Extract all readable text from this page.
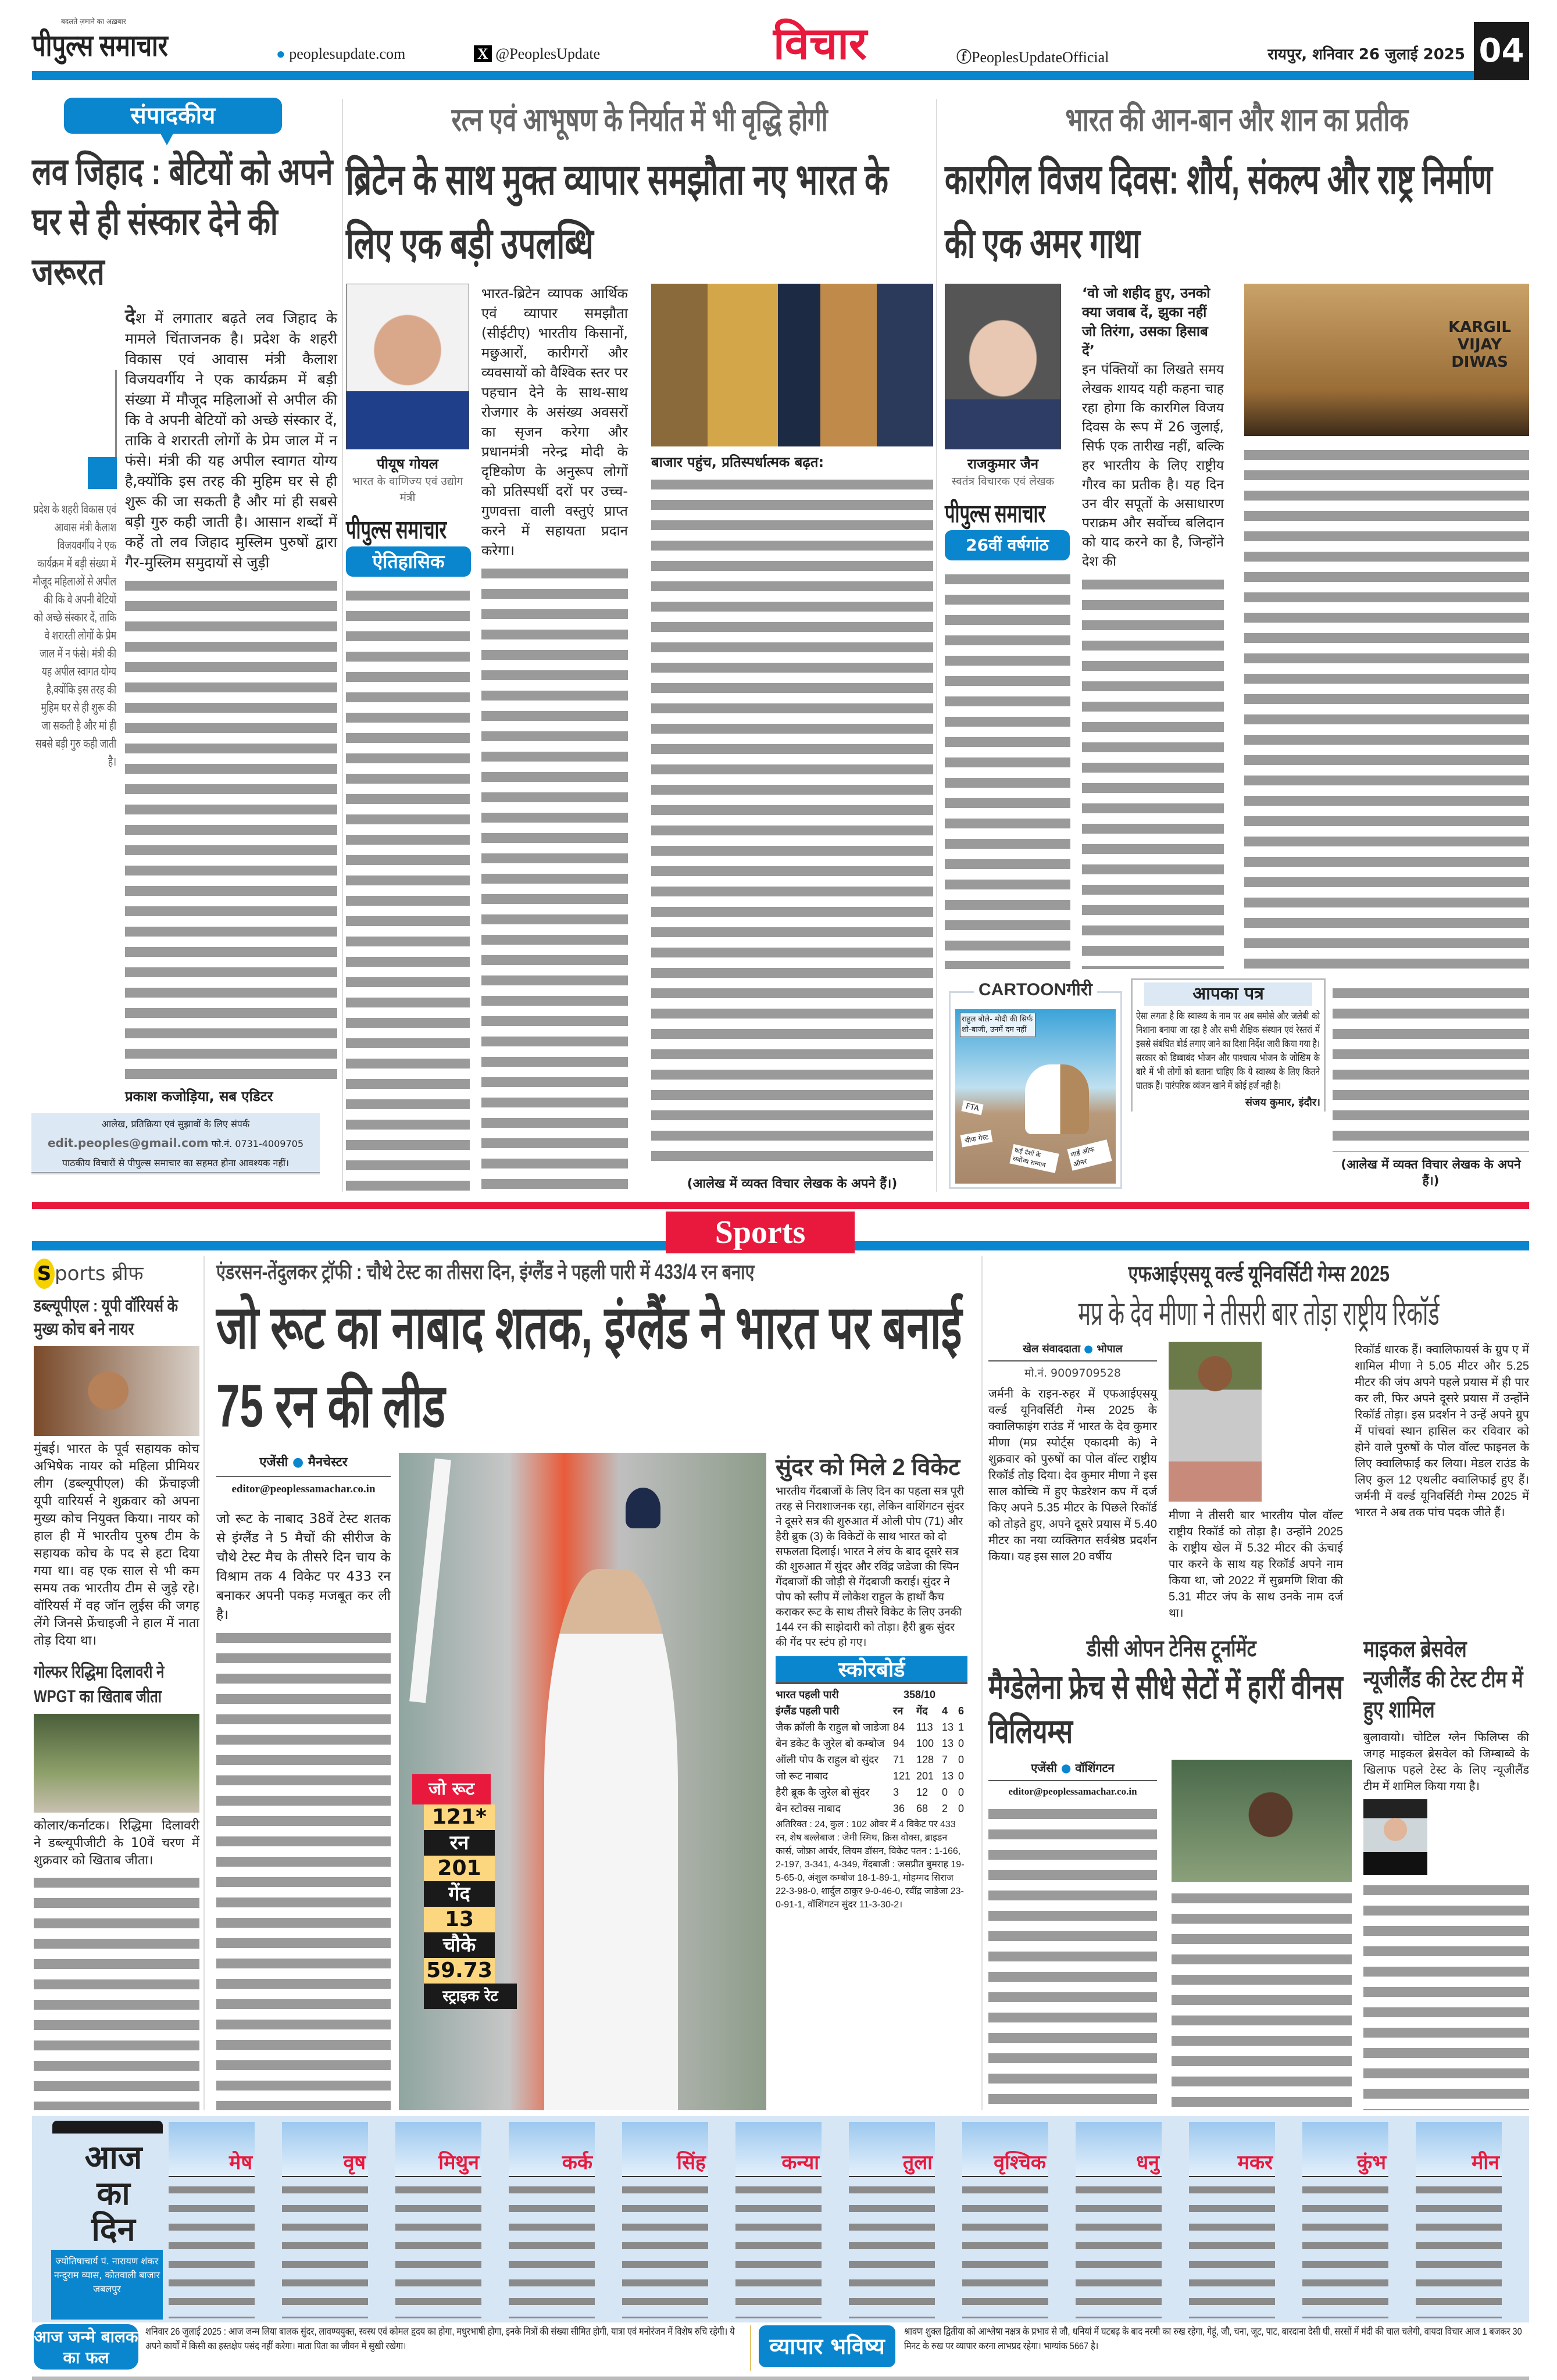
बदलते ज़माने का अख़बार
पीपुल्स समाचार	● peoplesupdate.com	X @PeoplesUpdate	विचार	ⓕPeoplesUpdateOfficial	रायपुर, शनिवार 26 जुलाई 2025 04
संपादकीय
लव जिहाद : बेटियों को अपने घर से ही संस्कार देने की जरूरत
प्रदेश के शहरी विकास एवं आवास मंत्री कैलाश विजयवर्गीय ने एक कार्यक्रम में बड़ी संख्या में मौजूद महिलाओं से अपील की कि वे अपनी बेटियों को अच्छे संस्कार दें, ताकि वे शरारती लोगों के प्रेम जाल में न फंसे। मंत्री की यह अपील स्वागत योग्य है,क्योंकि इस तरह की मुहिम घर से ही शुरू की जा सकती है और मां ही सबसे बड़ी गुरु कही जाती है।
देश में लगातार बढ़ते लव जिहाद के मामले चिंताजनक है। प्रदेश के शहरी विकास एवं आवास मंत्री कैलाश विजयवर्गीय ने एक कार्यक्रम में बड़ी संख्या में मौजूद महिलाओं से अपील की कि वे अपनी बेटियों को अच्छे संस्कार दें, ताकि वे शरारती लोगों के प्रेम जाल में न फंसे। मंत्री की यह अपील स्वागत योग्य है,क्योंकि इस तरह की मुहिम घर से ही शुरू की जा सकती है और मां ही सबसे बड़ी गुरु कही जाती है। आसान शब्दों में कहें तो लव जिहाद मुस्लिम पुरुषों द्वारा गैर-मुस्लिम समुदायों से जुड़ी
प्रकाश कजोड़िया, सब एडिटर
आलेख, प्रतिक्रिया एवं सुझावों के लिए संपर्क
edit.peoples@gmail.com फो.नं. 0731-4009705
पाठकीय विचारों से पीपुल्स समाचार का सहमत होना आवश्यक नहीं।
रत्न एवं आभूषण के निर्यात में भी वृद्धि होगी
ब्रिटेन के साथ मुक्त व्यापार समझौता नए भारत के लिए एक बड़ी उपलब्धि
पीयूष गोयल
भारत के वाणिज्य एवं उद्योग मंत्री
पीपुल्स समाचार
ऐतिहासिक
भारत-ब्रिटेन व्यापक आर्थिक एवं व्यापार समझौता (सीईटीए) भारतीय किसानों, मछुआरों, कारीगरों और व्यवसायों को वैश्विक स्तर पर पहचान देने के साथ-साथ रोजगार के असंख्य अवसरों का सृजन करेगा और प्रधानमंत्री नरेन्द्र मोदी के दृष्टिकोण के अनुरूप लोगों को प्रतिस्पर्धी दरों पर उच्च-गुणवत्ता वाली वस्तुएं प्राप्त करने में सहायता प्रदान करेगा।
बाजार पहुंच, प्रतिस्पर्धात्मक बढ़त:
(आलेख में व्यक्त विचार लेखक के अपने हैं।)
भारत की आन-बान और शान का प्रतीक
कारगिल विजय दिवस: शौर्य, संकल्प और राष्ट्र निर्माण की एक अमर गाथा
राजकुमार जैन
स्वतंत्र विचारक एवं लेखक
पीपुल्स समाचार
26वीं वर्षगांठ
‘वो जो शहीद हुए, उनको क्या जवाब दें, झुका नहीं जो तिरंगा, उसका हिसाब दें’
इन पंक्तियों का लिखते समय लेखक शायद यही कहना चाह रहा होगा कि कारगिल विजय दिवस के रूप में 26 जुलाई, सिर्फ एक तारीख नहीं, बल्कि हर भारतीय के लिए राष्ट्रीय गौरव का प्रतीक है। यह दिन उन वीर सपूतों के असाधारण पराक्रम और सर्वोच्च बलिदान को याद करने का है, जिन्होंने देश की
KARGIL VIJAY DIWAS
(आलेख में व्यक्त विचार लेखक के अपने हैं।)
CARTOONगीरी
राहुल बोले- मोदी की सिर्फ शो-बाजी, उनमें दम नहीं
FTA
चीफ गेस्ट
कई देशों के सर्वोच्च सम्मान
गार्ड ऑफ ऑनर
आपका पत्र
ऐसा लगता है कि स्वास्थ्य के नाम पर अब समोसे और जलेबी को निशाना बनाया जा रहा है और सभी शैक्षिक संस्थान एवं रेस्तरां में इससे संबंधित बोर्ड लगाए जाने का दिशा निर्देश जारी किया गया है। सरकार को डिब्बाबंद भोजन और पाश्चात्य भोजन के जोखिम के बारे में भी लोगों को बताना चाहिए कि ये स्वास्थ्य के लिए कितने घातक हैं। पारंपरिक व्यंजन खाने में कोई हर्ज नही है।
संजय कुमार, इंदौर।
Sports
S ports ब्रीफ
डब्ल्यूपीएल : यूपी वॉरियर्स के मुख्य कोच बने नायर
मुंबई। भारत के पूर्व सहायक कोच अभिषेक नायर को महिला प्रीमियर लीग (डब्ल्यूपीएल) की फ्रेंचाइजी यूपी वारियर्स ने शुक्रवार को अपना मुख्य कोच नियुक्त किया। नायर को हाल ही में भारतीय पुरुष टीम के सहायक कोच के पद से हटा दिया गया था। वह एक साल से भी कम समय तक भारतीय टीम से जुड़े रहे। वॉरियर्स में वह जॉन लुईस की जगह लेंगे जिनसे फ्रेंचाइजी ने हाल में नाता तोड़ दिया था।
गोल्फर रिद्धिमा दिलावरी ने WPGT का खिताब जीता
कोलार/कर्नाटक। रिद्धिमा दिलावरी ने डब्ल्यूपीजीटी के 10वें चरण में शुक्रवार को खिताब जीता।
एंडरसन-तेंदुलकर ट्रॉफी : चौथे टेस्ट का तीसरा दिन, इंग्लैंड ने पहली पारी में 433/4 रन बनाए
जो रूट का नाबाद शतक, इंग्लैंड ने भारत पर बनाई 75 रन की लीड
एजेंसी ● मैनचेस्टर
editor@peoplessamachar.co.in
जो रूट के नाबाद 38वें टेस्ट शतक से इंग्लैंड ने 5 मैचों की सीरीज के चौथे टेस्ट मैच के तीसरे दिन चाय के विश्राम तक 4 विकेट पर 433 रन बनाकर अपनी पकड़ मजबूत कर ली है।
जो रूट
121*
रन
201
गेंद
13
चौके
59.73
स्ट्राइक रेट
सुंदर को मिले 2 विकेट
भारतीय गेंदबाजों के लिए दिन का पहला सत्र पूरी तरह से निराशाजनक रहा, लेकिन वाशिंगटन सुंदर ने दूसरे सत्र की शुरुआत में ओली पोप (71) और हैरी ब्रुक (3) के विकेटों के साथ भारत को दो सफलता दिलाई। भारत ने लंच के बाद दूसरे सत्र की शुरुआत में सुंदर और रविंद्र जडेजा की स्पिन गेंदबाजों की जोड़ी से गेंदबाजी कराई। सुंदर ने पोप को स्लीप में लोकेश राहुल के हाथों कैच कराकर रूट के साथ तीसरे विकेट के लिए उनकी 144 रन की साझेदारी को तोड़ा। हैरी ब्रुक सुंदर की गेंद पर स्टंप हो गए।
स्कोरबोर्ड
भारत पहली पारी	358/10
इंग्लैंड पहली पारी	रन	गेंद	4 6
जैक क्रॉली कै राहुल बो जाडेजा 84	113 13 1
बेन डकेट कै जुरेल बो कम्बोज 94	100 13 0
ऑली पोप कै राहुल बो सुंदर	71	128 7 0
जो रूट नाबाद	121 201 13 0
हैरी ब्रूक कै जुरेल बो सुंदर	3	12	0 0
बेन स्टोक्स नाबाद	36	68	2 0
अतिरिक्त : 24, कुल : 102 ओवर में 4 विकेट पर 433 रन, शेष बल्लेबाज : जेमी स्मिथ, क्रिस वोक्स, ब्राइडन कार्स, जोफ्रा आर्चर, लियम डॉसन, विकेट पतन : 1-166, 2-197, 3-341, 4-349, गेंदबाजी : जसप्रीत बुमराह 19-5-65-0, अंशुल कम्बोज 18-1-89-1, मोहम्मद सिराज 22-3-98-0, शार्दुल ठाकुर 9-0-46-0, रवींद्र जाडेजा 23-0-91-1, वॉशिंगटन सुंदर 11-3-30-2।
एफआईएसयू वर्ल्ड यूनिवर्सिटी गेम्स 2025
मप्र के देव मीणा ने तीसरी बार तोड़ा राष्ट्रीय रिकॉर्ड
खेल संवाददाता ● भोपाल
मो.नं. 9009709528
जर्मनी के राइन-रुहर में एफआईएसयू वर्ल्ड यूनिवर्सिटी गेम्स 2025 के क्वालिफाइंग राउंड में भारत के देव कुमार मीणा (मप्र स्पोर्ट्स एकादमी के) ने शुक्रवार को पुरुषों का पोल वॉल्ट राष्ट्रीय रिकॉर्ड तोड़ दिया। देव कुमार मीणा ने इस साल कोच्चि में हुए फेडरेशन कप में दर्ज किए अपने 5.35 मीटर के पिछले रिकॉर्ड को तोड़ते हुए, अपने दूसरे प्रयास में 5.40 मीटर का नया व्यक्तिगत सर्वश्रेष्ठ प्रदर्शन किया। यह इस साल 20 वर्षीय
मीणा ने तीसरी बार भारतीय पोल वॉल्ट राष्ट्रीय रिकॉर्ड को तोड़ा है। उन्होंने 2025 के राष्ट्रीय खेल में 5.32 मीटर की ऊंचाई पार करने के साथ यह रिकॉर्ड अपने नाम किया था, जो 2022 में सुब्रमणि शिवा की 5.31 मीटर जंप के साथ उनके नाम दर्ज था।
रिकॉर्ड धारक हैं। क्वालिफायर्स के ग्रुप ए में शामिल मीणा ने 5.05 मीटर और 5.25 मीटर की जंप अपने पहले प्रयास में ही पार कर ली, फिर अपने दूसरे प्रयास में उन्होंने रिकॉर्ड तोड़ा। इस प्रदर्शन ने उन्हें अपने ग्रुप में पांचवां स्थान हासिल कर रविवार को होने वाले पुरुषों के पोल वॉल्ट फाइनल के लिए क्वालिफाई कर लिया। मेडल राउंड के लिए कुल 12 एथलीट क्वालिफाई हुए हैं। जर्मनी में वर्ल्ड यूनिवर्सिटी गेम्स 2025 में भारत ने अब तक पांच पदक जीते हैं।
डीसी ओपन टेनिस टूर्नामेंट
मैग्डेलेना फ्रेच से सीधे सेटों में हारीं वीनस विलियम्स
एजेंसी ● वॉशिंगटन
editor@peoplessamachar.co.in
माइकल ब्रेसवेल न्यूजीलैंड की टेस्ट टीम में हुए शामिल
बुलावायो। चोटिल ग्लेन फिलिप्स की जगह माइकल ब्रेसवेल को जिम्बाब्वे के खिलाफ पहले टेस्ट के लिए न्यूजीलैंड टीम में शामिल किया गया है।
आज का दिन
ज्योतिषाचार्य पं. नारायण शंकर नन्दुराम व्यास, कोतवाली बाजार जबलपुर
मेष	वृष	मिथुन	कर्क	सिंह	कन्या	तुला	वृश्चिक	धनु	मकर	कुंभ	मीन
आज जन्मे बालक का फल
शनिवार 26 जुलाई 2025 : आज जन्म लिया बालक सुंदर, लावण्ययुक्त, स्वस्थ एवं कोमल हृदय का होगा, मधुरभाषी होगा, इनके मित्रों की संख्या सीमित होगी, यात्रा एवं मनोरंजन में विशेष रुचि रहेगी। ये अपने कार्यों में किसी का हस्तक्षेप पसंद नहीं करेगा। माता पिता का जीवन में सुखी रखेगा।	व्यापार भविष्य
श्रावण शुक्ल द्वितीया को आश्लेषा नक्षत्र के प्रभाव से जौ, धनियां में घटबढ़ के बाद नरमी का रुख रहेगा, गेहूं, जौ, चना, जूट, पाट, बारदाना देसी घी, सरसों में मंदी की चाल चलेगी, वायदा विचार आज 1 बजकर 30 मिनट के रुख पर व्यापार करना लाभप्रद रहेगा। भाग्यांक 5667 है।
